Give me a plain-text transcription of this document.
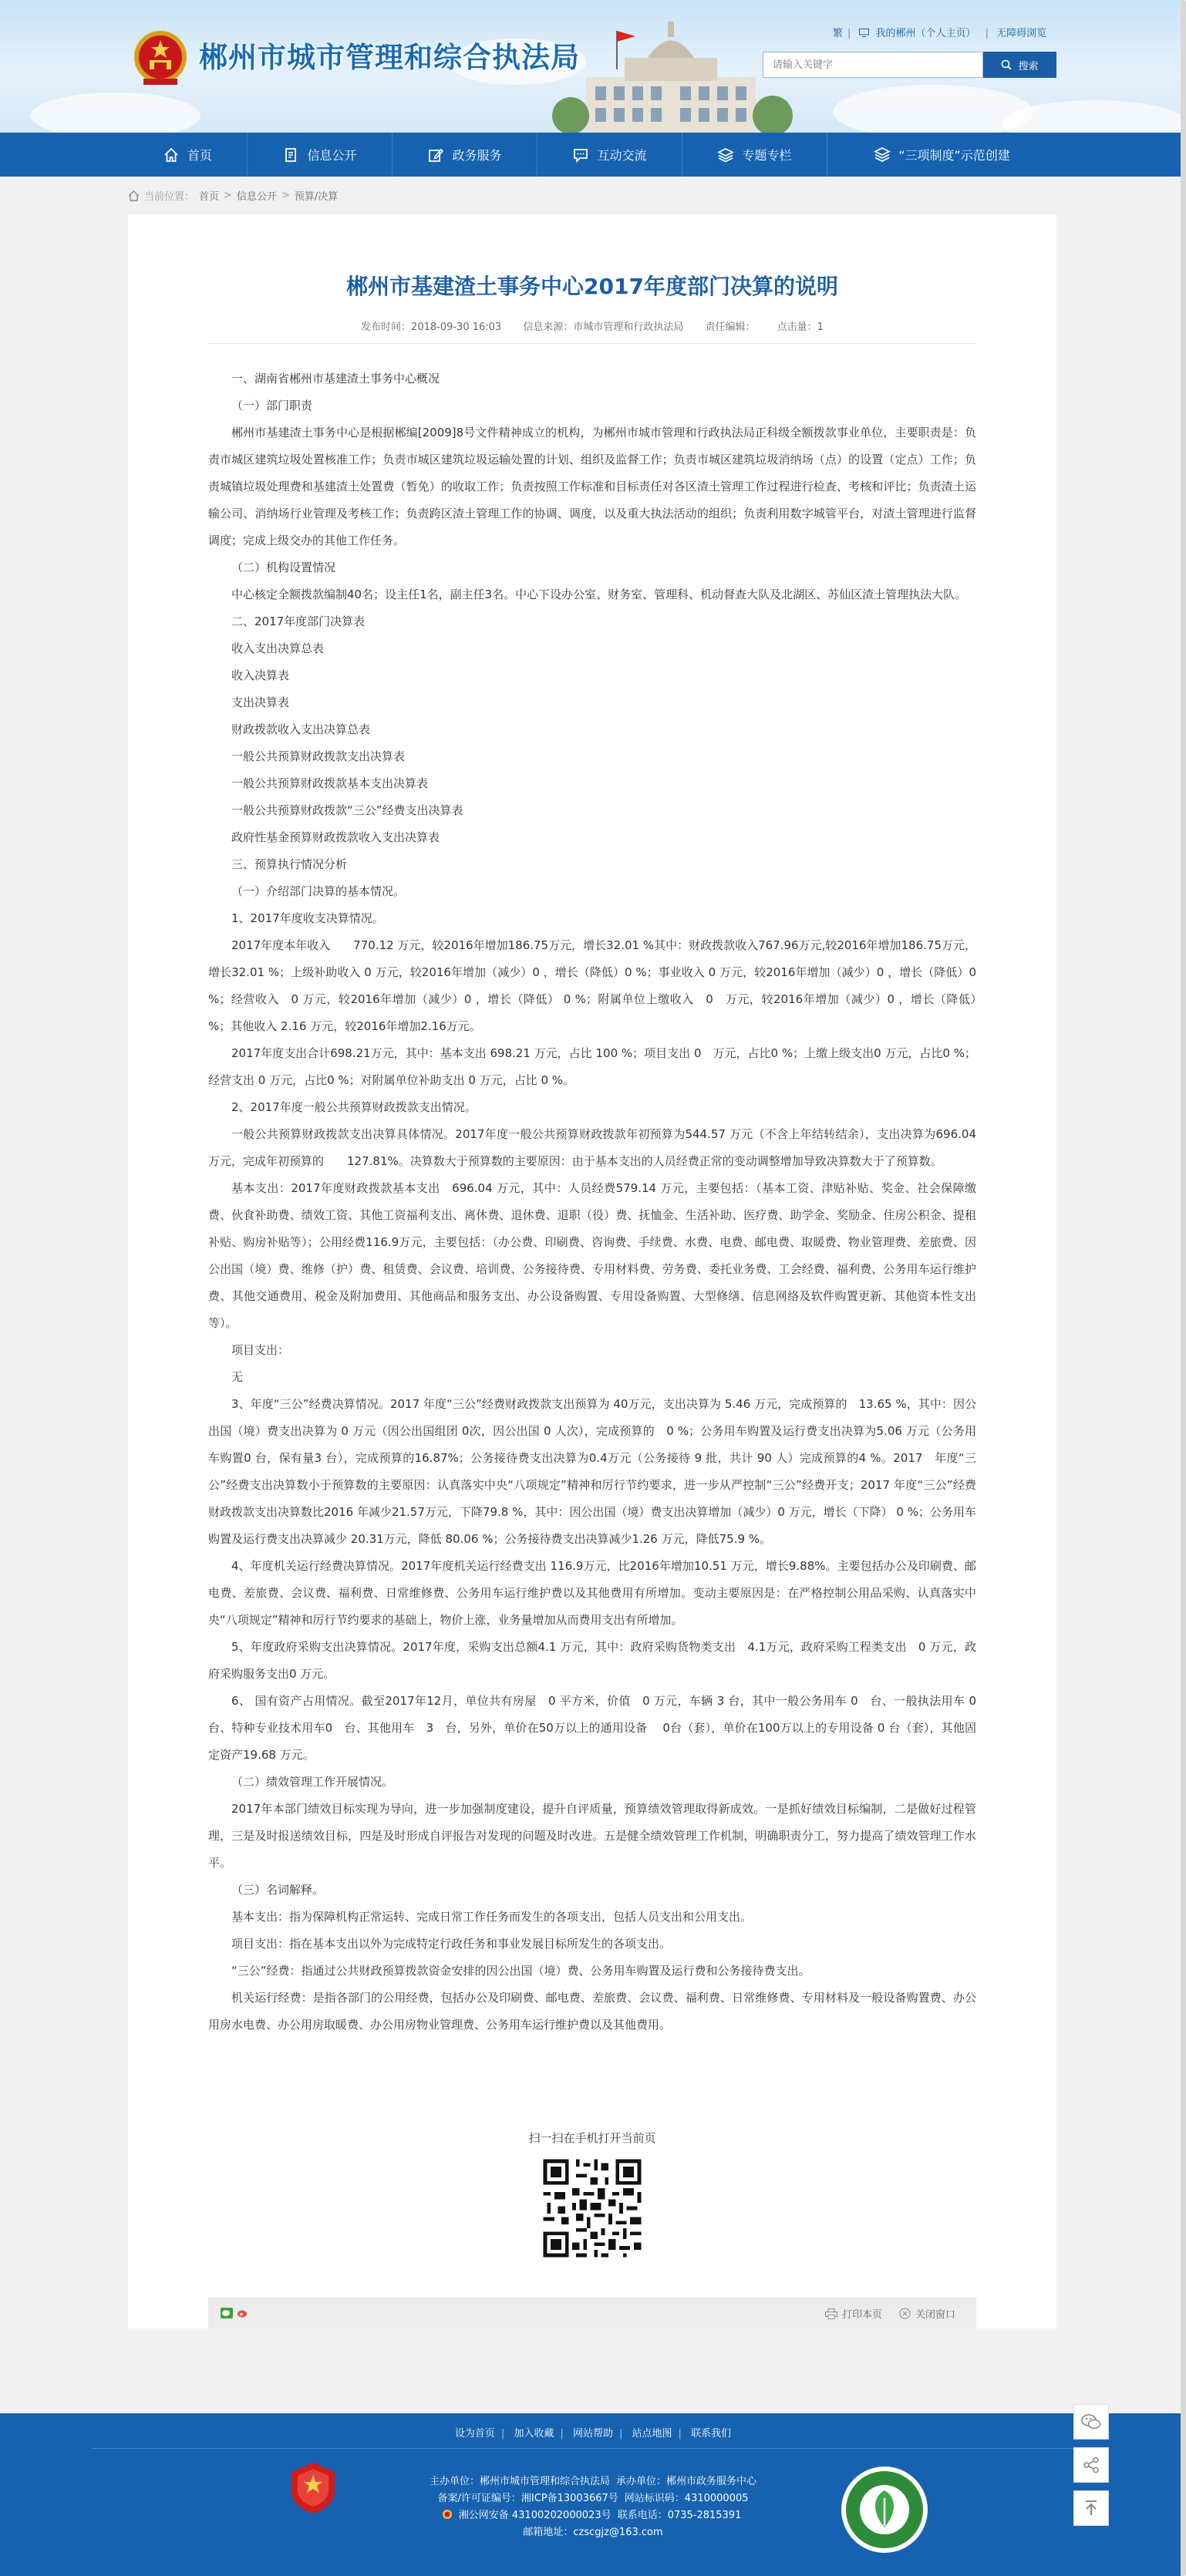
郴州市城市管理和综合执法局
繁 | 我的郴州（个人主页） | 无障碍浏览
请输入关键字
搜索
首页	信息公开	政务服务	互动交流	专题专栏	“三项制度”示范创建
当前位置： 首页 > 信息公开 > 预算/决算
郴州市基建渣土事务中心2017年度部门决算的说明
发布时间：2018-09-30 16:03 信息来源：市城市管理和行政执法局 责任编辑： 点击量：1

一、湖南省郴州市基建渣土事务中心概况

（一）部门职责

郴州市基建渣土事务中心是根据郴编[2009]8号文件精神成立的机构，为郴州市城市管理和行政执法局正科级全额拨款事业单位，主要职责是：负责市城区建筑垃圾处置核准工作；负责市城区建筑垃圾运输处置的计划、组织及监督工作；负责市城区建筑垃圾消纳场（点）的设置（定点）工作；负责城镇垃圾处理费和基建渣土处置费（暂免）的收取工作；负责按照工作标准和目标责任对各区渣土管理工作过程进行检查、考核和评比；负责渣土运输公司、消纳场行业管理及考核工作；负责跨区渣土管理工作的协调、调度，以及重大执法活动的组织；负责利用数字城管平台，对渣土管理进行监督调度；完成上级交办的其他工作任务。

（二）机构设置情况

中心核定全额拨款编制40名；设主任1名，副主任3名。中心下设办公室、财务室、管理科、机动督查大队及北湖区、苏仙区渣土管理执法大队。

二、2017年度部门决算表

收入支出决算总表

收入决算表

支出决算表

财政拨款收入支出决算总表

一般公共预算财政拨款支出决算表

一般公共预算财政拨款基本支出决算表

一般公共预算财政拨款“三公”经费支出决算表

政府性基金预算财政拨款收入支出决算表

三、预算执行情况分析

（一）介绍部门决算的基本情况。

1、2017年度收支决算情况。

2017年度本年收入　　770.12 万元，较2016年增加186.75万元，增长32.01 %其中：财政拨款收入767.96万元,较2016年增加186.75万元，增长32.01 %；上级补助收入 0 万元，较2016年增加（减少）0 ，增长（降低）0 %；事业收入 0 万元，较2016年增加（减少）0 ，增长（降低）0 %；经营收入　0 万元，较2016年增加（减少）0 ，增长（降低） 0 %；附属单位上缴收入　0　万元，较2016年增加（减少）0 ，增长（降低）　%；其他收入 2.16 万元，较2016年增加2.16万元。

2017年度支出合计698.21万元，其中：基本支出 698.21 万元，占比 100 %；项目支出 0　万元，占比0 %；上缴上级支出0 万元，占比0 %；经营支出 0 万元，占比0 %；对附属单位补助支出 0 万元，占比 0 %。

2、2017年度一般公共预算财政拨款支出情况。

一般公共预算财政拨款支出决算具体情况。2017年度一般公共预算财政拨款年初预算为544.57 万元（不含上年结转结余），支出决算为696.04 万元，完成年初预算的　　127.81%。决算数大于预算数的主要原因：由于基本支出的人员经费正常的变动调整增加导致决算数大于了预算数。

基本支出：2017年度财政拨款基本支出　696.04 万元，其中：人员经费579.14 万元，主要包括：（基本工资、津贴补贴、奖金、社会保障缴费、伙食补助费、绩效工资、其他工资福利支出、离休费、退休费、退职（役）费、抚恤金、生活补助、医疗费、助学金、奖励金、住房公积金、提租补贴、购房补贴等）；公用经费116.9万元，主要包括：（办公费、印刷费、咨询费、手续费、水费、电费、邮电费、取暖费、物业管理费、差旅费、因公出国（境）费、维修（护）费、租赁费、会议费、培训费、公务接待费、专用材料费、劳务费、委托业务费、工会经费、福利费、公务用车运行维护费、其他交通费用、税金及附加费用、其他商品和服务支出、办公设备购置、专用设备购置、大型修缮、信息网络及软件购置更新、其他资本性支出等）。

项目支出：

无

3、年度“三公”经费决算情况。2017 年度“三公”经费财政拨款支出预算为 40万元，支出决算为 5.46 万元，完成预算的　13.65 %，其中：因公出国（境）费支出决算为 0 万元（因公出国组团 0次，因公出国 0 人次），完成预算的　0 %；公务用车购置及运行费支出决算为5.06 万元（公务用车购置0 台，保有量3 台），完成预算的16.87%；公务接待费支出决算为0.4万元（公务接待 9 批，共计 90 人）完成预算的4 %。2017　年度“三公”经费支出决算数小于预算数的主要原因：认真落实中央“八项规定”精神和厉行节约要求，进一步从严控制“三公”经费开支；2017 年度“三公”经费财政拨款支出决算数比2016 年减少21.57万元，下降79.8 %，其中：因公出国（境）费支出决算增加（减少）0 万元，增长（下降） 0 %；公务用车购置及运行费支出决算减少 20.31万元，降低 80.06 %；公务接待费支出决算减少1.26 万元，降低75.9 %。

4、年度机关运行经费决算情况。2017年度机关运行经费支出 116.9万元，比2016年增加10.51 万元，增长9.88%。主要包括办公及印刷费、邮电费、差旅费、会议费、福利费、日常维修费、公务用车运行维护费以及其他费用有所增加。变动主要原因是：在严格控制公用品采购、认真落实中央“八项规定”精神和厉行节约要求的基础上，物价上涨，业务量增加从而费用支出有所增加。

5、年度政府采购支出决算情况。2017年度，采购支出总额4.1 万元，其中：政府采购货物类支出　4.1万元，政府采购工程类支出　0 万元，政府采购服务支出0 万元。

6、 国有资产占用情况。截至2017年12月，单位共有房屋　0 平方米，价值　0 万元，车辆 3 台，其中一般公务用车 0　台、一般执法用车 0　台、特种专业技术用车0　台、其他用车　3　台，另外，单价在50万以上的通用设备　 0台（套），单价在100万以上的专用设备 0 台（套），其他固定资产19.68 万元。

（二）绩效管理工作开展情况。

2017年本部门绩效目标实现为导向，进一步加强制度建设，提升自评质量，预算绩效管理取得新成效。一是抓好绩效目标编制，二是做好过程管理，三是及时报送绩效目标，四是及时形成自评报告对发现的问题及时改进。五是健全绩效管理工作机制，明确职责分工，努力提高了绩效管理工作水平。

（三）名词解释。

基本支出：指为保障机构正常运转、完成日常工作任务而发生的各项支出，包括人员支出和公用支出。

项目支出：指在基本支出以外为完成特定行政任务和事业发展目标所发生的各项支出。

“三公”经费：指通过公共财政预算拨款资金安排的因公出国（境）费、公务用车购置及运行费和公务接待费支出。

机关运行经费：是指各部门的公用经费，包括办公及印刷费、邮电费、差旅费、会议费、福利费、日常维修费、专用材料及一般设备购置费、办公用房水电费、办公用房取暖费、办公用房物业管理费、公务用车运行维护费以及其他费用。

扫一扫在手机打开当前页
打印本页	关闭窗口
设为首页 | 加入收藏 | 网站帮助 | 站点地图 | 联系我们
主办单位：郴州市城市管理和综合执法局 承办单位：郴州市政务服务中心
备案/许可证编号：湘ICP备13003667号 网站标识码：4310000005
湘公网安备 43100202000023号 联系电话：0735-2815391
邮箱地址：czscgjz@163.com
